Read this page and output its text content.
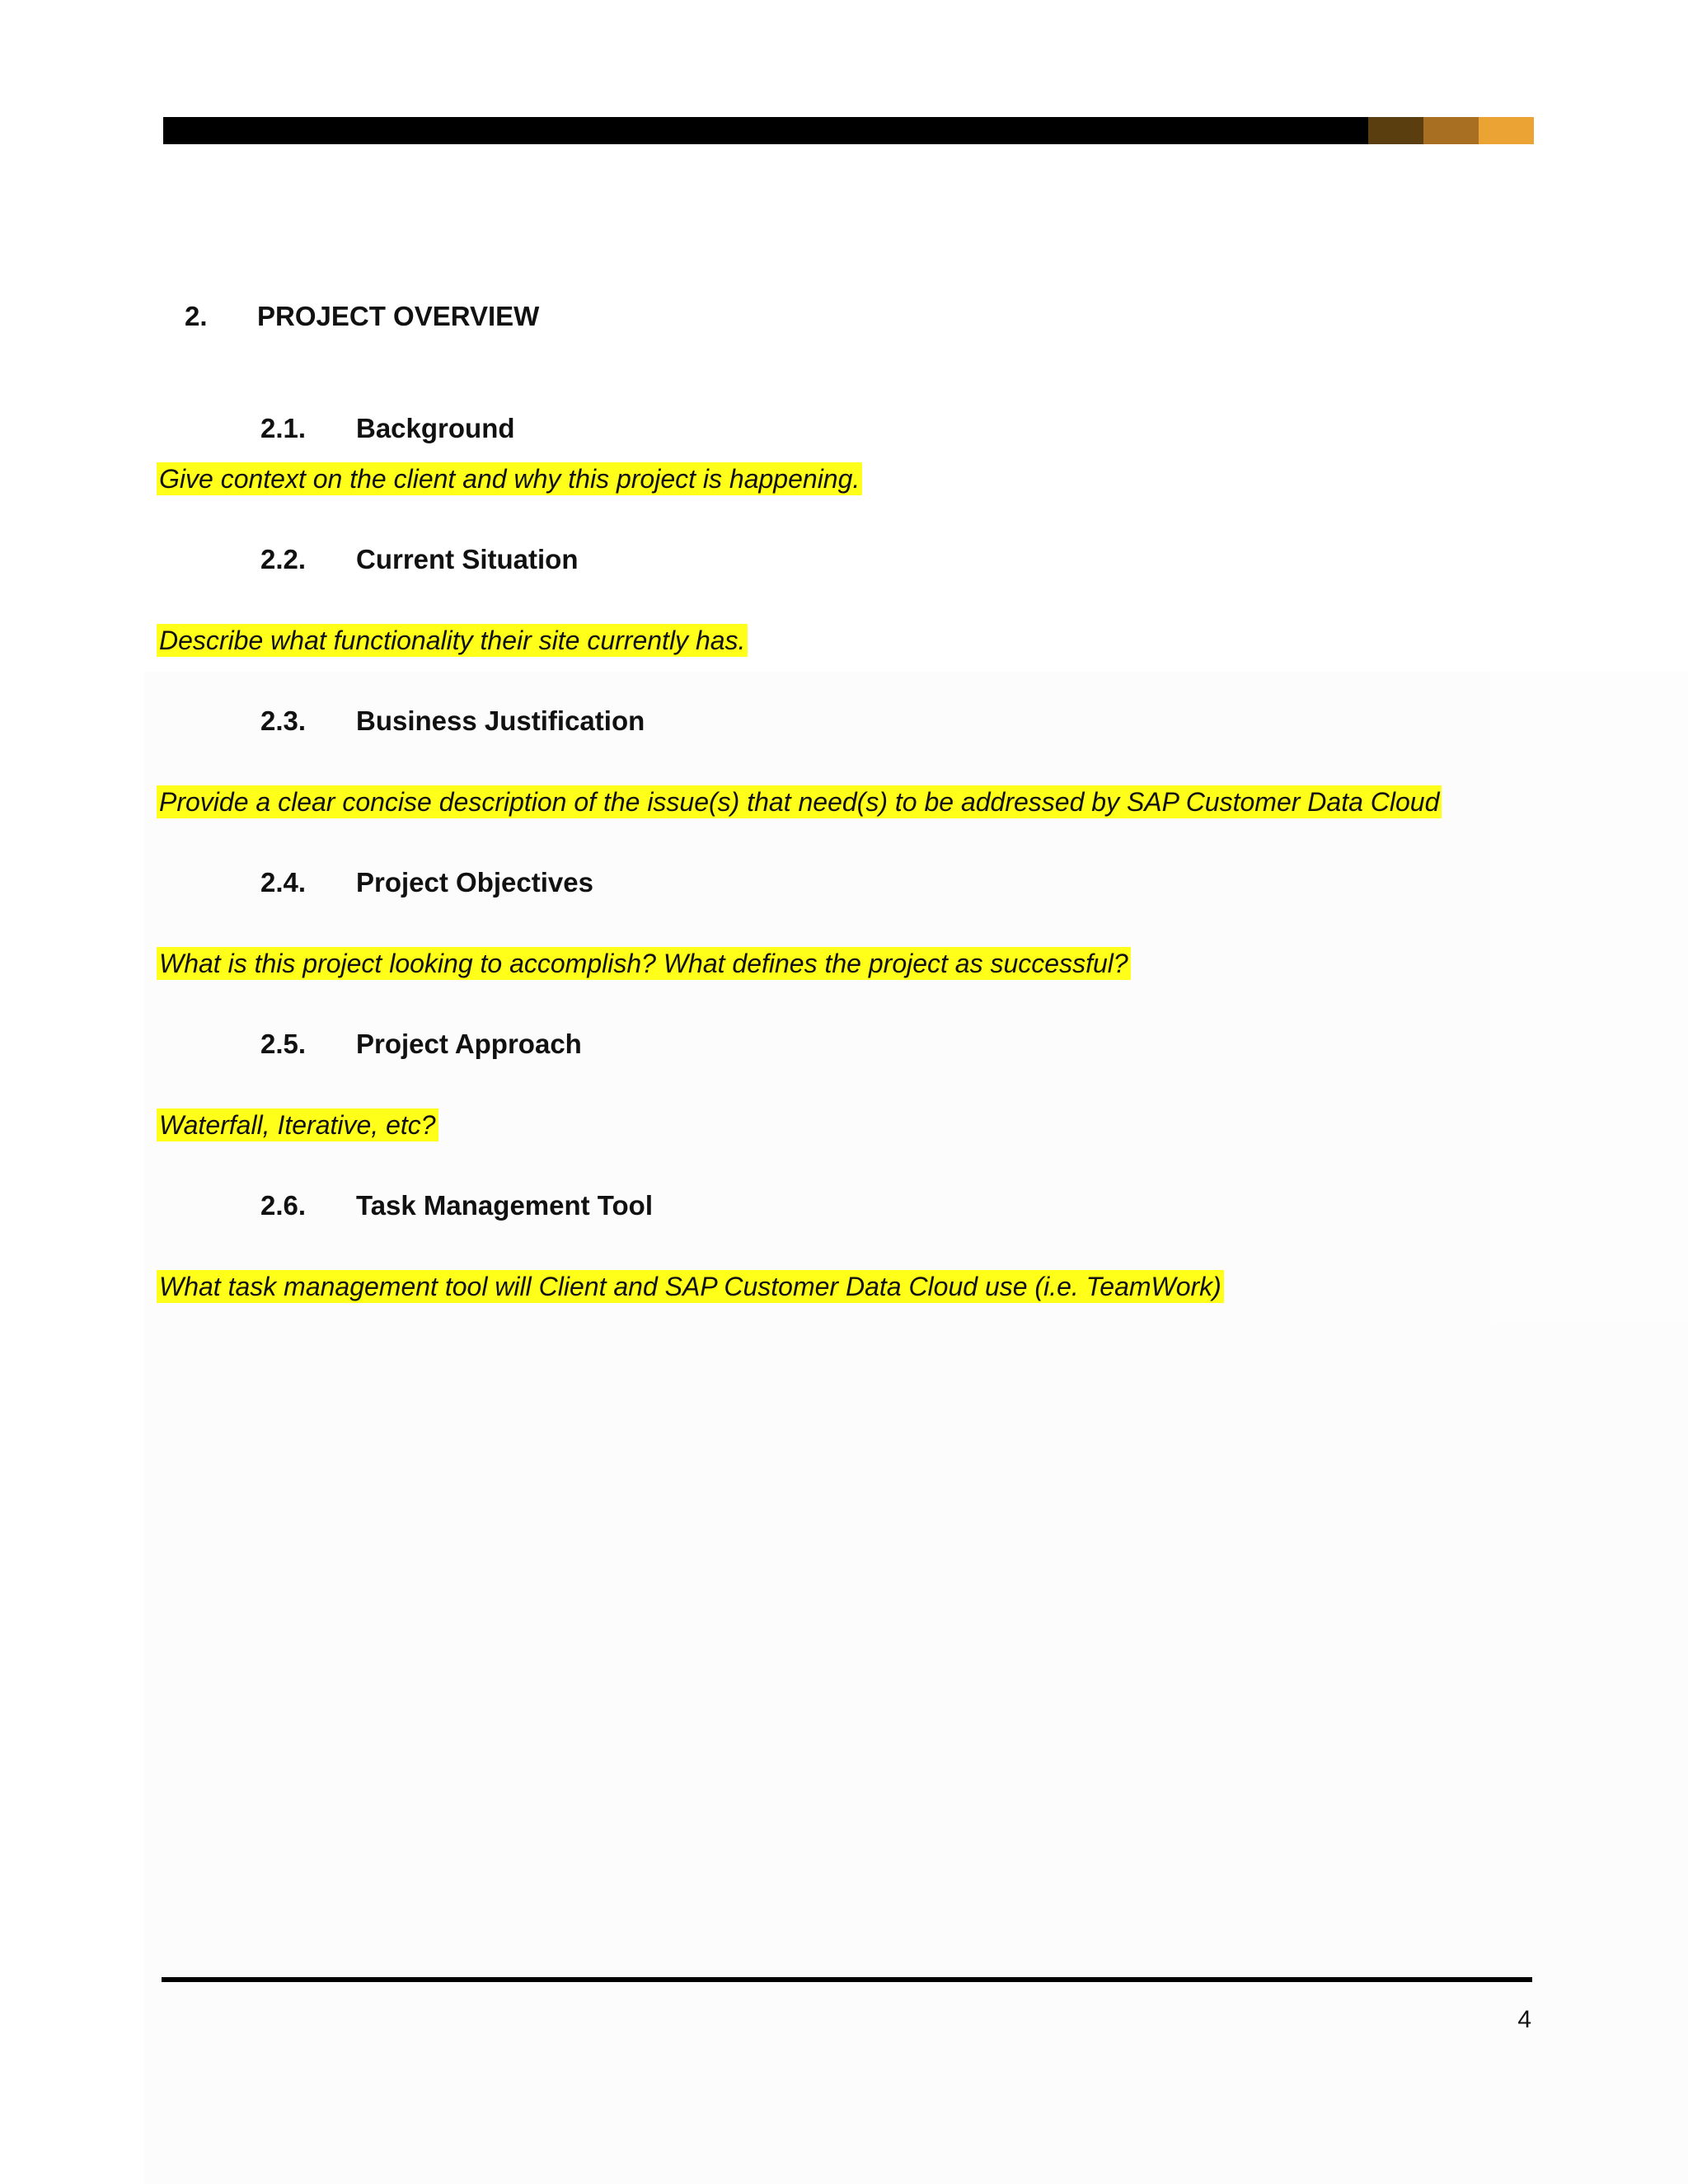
2. PROJECT OVERVIEW
2.1. Background
Give context on the client and why this project is happening.
2.2. Current Situation
Describe what functionality their site currently has.
2.3. Business Justification
Provide a clear concise description of the issue(s) that need(s) to be addressed by SAP Customer Data Cloud
2.4. Project Objectives
What is this project looking to accomplish? What defines the project as successful?
2.5. Project Approach
Waterfall, Iterative, etc?
2.6. Task Management Tool
What task management tool will Client and SAP Customer Data Cloud use (i.e. TeamWork)
4
